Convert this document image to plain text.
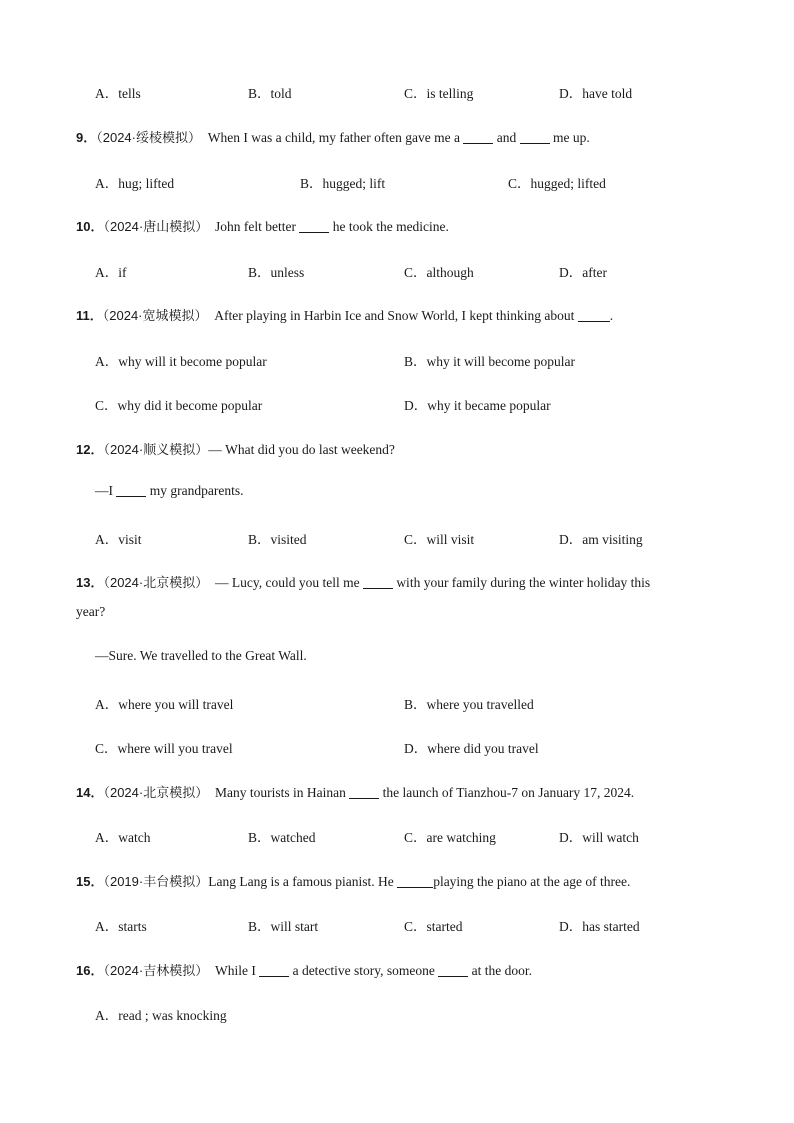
A．tells	B．told	C．is telling	D．have told
9．（2024·绥棱模拟） When I was a child, my father often gave me a  and  me up.
A．hug; lifted	B．hugged; lift	C．hugged; lifted
10．（2024·唐山模拟） John felt better  he took the medicine.
A．if	B．unless	C．although	D．after
11．（2024·宽城模拟） After playing in Harbin Ice and Snow World, I kept thinking about .
A．why will it become popular	B．why it will become popular
C．why did it become popular	D．why it became popular
12．（2024·顺义模拟）— What did you do last weekend?
—I  my grandparents.
A．visit	B．visited	C．will visit	D．am visiting
13．（2024·北京模拟） — Lucy, could you tell me  with your family during the winter holiday this
year?
—Sure. We travelled to the Great Wall.
A．where you will travel	B．where you travelled
C．where will you travel	D．where did you travel
14．（2024·北京模拟） Many tourists in Hainan  the launch of Tianzhou-7 on January 17, 2024.
A．watch	B．watched	C．are watching	D．will watch
15．（2019·丰台模拟）Lang Lang is a famous pianist. He	playing the piano at the age of three.
A．starts	B．will start	C．started	D．has started
16．（2024·吉林模拟） While I  a detective story, someone  at the door.
A．read ; was knocking
